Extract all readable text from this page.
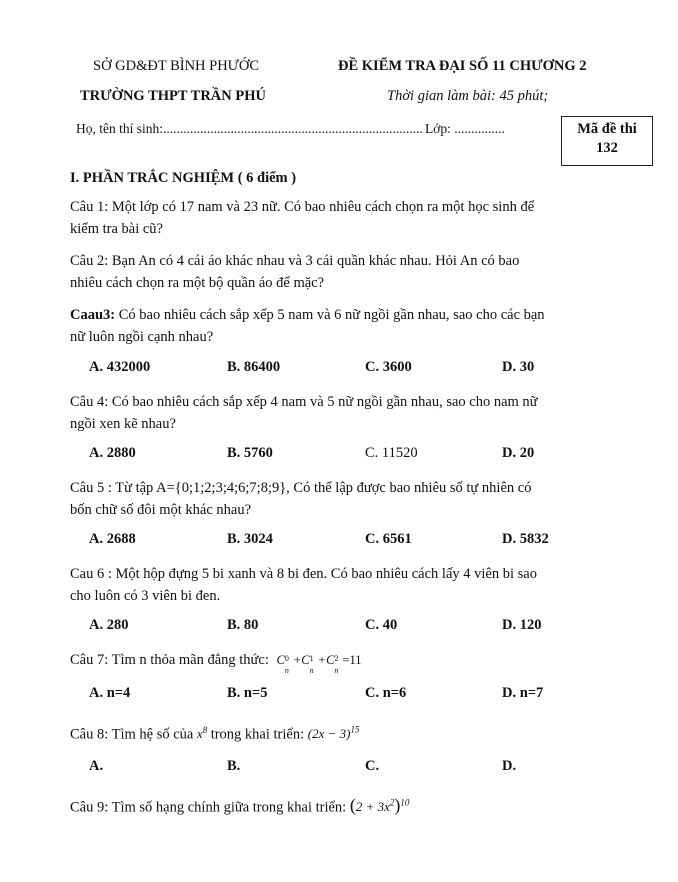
SỞ GD&ĐT BÌNH PHƯỚC	ĐỀ KIỂM TRA ĐẠI SỐ 11 CHƯƠNG 2
TRƯỜNG THPT TRẦN PHÚ	Thời gian làm bài: 45 phút;
Họ, tên thí sinh:............................................................................. Lớp: ...............	Mã đề thi
132
I. PHẦN TRẮC NGHIỆM ( 6 điểm )
Câu 1: Một lớp có 17 nam và 23 nữ. Có bao nhiêu cách chọn ra một học sinh để
kiểm tra bài cũ?
Câu 2: Bạn An có 4 cái áo khác nhau và 3 cái quần khác nhau. Hỏi An có bao
nhiêu cách chọn ra một bộ quần áo để mặc?
Caau3: Có bao nhiêu cách sắp xếp 5 nam và 6 nữ ngồi gần nhau, sao cho các bạn
nữ luôn ngồi cạnh nhau?
A. 432000	B. 86400	C. 3600	D. 30
Câu 4: Có bao nhiêu cách sắp xếp 4 nam và 5 nữ ngồi gần nhau, sao cho nam nữ
ngồi xen kẽ nhau?
A. 2880	B. 5760	C. 11520	D. 20
Câu 5 : Từ tập A={0;1;2;3;4;6;7;8;9}, Có thể lập được bao nhiêu số tự nhiên có
bốn chữ số đôi một khác nhau?
A. 2688	B. 3024	C. 6561	D. 5832
Cau 6 : Một hộp đựng 5 bi xanh và 8 bi đen. Có bao nhiêu cách lấy 4 viên bi sao
cho luôn có 3 viên bi đen.
A. 280	B. 80	C. 40	D. 120
Câu 7: Tìm n thỏa mãn đẳng thức: C 0
n
+C 1
n
+C 2
n
=11
A. n=4	B. n=5	C. n=6	D. n=7
Câu 8: Tìm hệ số của $x^8$ trong khai triển: $(2x - 3)^{15}$
A.	B.	C.	D.
Câu 9: Tìm số hạng chính giữa trong khai triển: $(2 + 3x^2)^{10}$
